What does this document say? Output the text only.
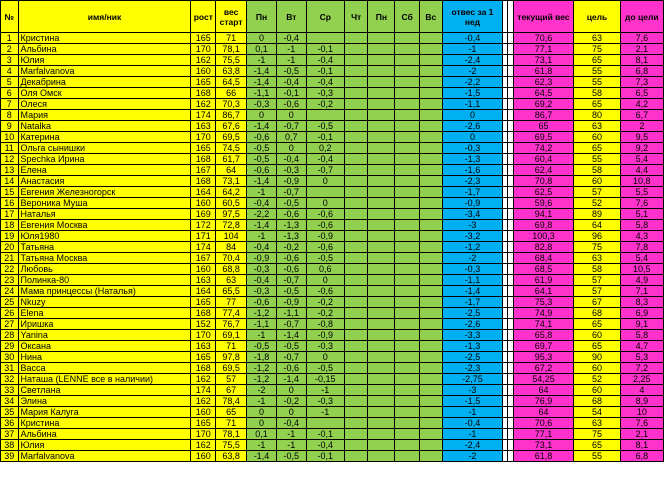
№	имя/ник	рост	вес старт	Пн	Вт	Ср	Чт	Пн	Сб	Вс	отвес за 1 нед			текущий вес	цель	до цели
1	Кристина	165	71	0	-0,4						-0,4			70,6	63	7,6
2	Альбина	170	78,1	0,1	-1	-0,1					-1			77,1	75	2,1
3	Юлия	162	75,5	-1	-1	-0,4					-2,4			73,1	65	8,1
4	Marfalvanova	160	63,8	-1,4	-0,5	-0,1					-2			61,8	55	6,8
5	Декабрина	165	64,5	-1,4	-0,4	-0,4					-2,2			62,3	55	7,3
6	Оля Омск	168	66	-1,1	-0,1	-0,3					-1,5			64,5	58	6,5
7	Олеся	162	70,3	-0,3	-0,6	-0,2					-1,1			69,2	65	4,2
8	Мария	174	86,7	0	0						0			86,7	80	6,7
9	Natalka	163	67,6	-1,4	-0,7	-0,5					-2,6			65	63	2
10	Катерина	170	69,5	-0,6	0,7	-0,1					0			69,5	60	9,5
11	Ольга сынишки	165	74,5	-0,5	0	0,2					-0,3			74,2	65	9,2
12	Spechka Ирина	168	61,7	-0,5	-0,4	-0,4					-1,3			60,4	55	5,4
13	Елена	167	64	-0,6	-0,3	-0,7					-1,6			62,4	58	4,4
14	Анастасия	168	73,1	-1,4	-0,9	0					-2,3			70,8	60	10,8
15	Евгения Железногорск	164	64,2	-1	-0,7						-1,7			62,5	57	5,5
16	Вероника Муша	160	60,5	-0,4	-0,5	0					-0,9			59,6	52	7,6
17	Наталья	169	97,5	-2,2	-0,6	-0,6					-3,4			94,1	89	5,1
18	Евгения Москва	172	72,8	-1,4	-1,3	-0,6					-3			69,8	64	5,8
19	Юля1980	171	104	-1	-1,3	-0,9					-3,2			100,3	96	4,3
20	Татьяна	174	84	-0,4	-0,2	-0,6					-1,2			82,8	75	7,8
21	Татьяна Москва	167	70,4	-0,9	-0,6	-0,5					-2			68,4	63	5,4
22	Любовь	160	68,8	-0,3	-0,6	0,6					-0,3			68,5	58	10,5
23	Полинка-80	163	63	-0,4	-0,7	0					-1,1			61,9	57	4,9
24	Мама принцессы (Наталья)	164	65,5	-0,3	-0,5	-0,6					-1,4			64,1	57	7,1
25	Nkuzy	165	77	-0,6	-0,9	-0,2					-1,7			75,3	67	8,3
26	Elena	168	77,4	-1,2	-1,1	-0,2					-2,5			74,9	68	6,9
27	Иришка	152	76,7	-1,1	-0,7	-0,8					-2,6			74,1	65	9,1
28	Yanina	170	69,1	-1	-1,4	-0,9					-3,3			65,8	60	5,8
29	Оксана	163	71	-0,5	-0,5	-0,3					-1,3			69,7	65	4,7
30	Нина	165	97,8	-1,8	-0,7	0					-2,5			95,3	90	5,3
31	Васса	168	69,5	-1,2	-0,6	-0,5					-2,3			67,2	60	7,2
32	Наташа (LENNE все в наличии)	162	57	-1,2	-1,4	-0,15					-2,75			54,25	52	2,25
33	Светлана	174	67	-2	0	-1					-3			64	60	4
34	Элина	162	78,4	-1	-0,2	-0,3					-1,5			76,9	68	8,9
35	Мария Калуга	160	65	0	0	-1					-1			64	54	10
36	Кристина	165	71	0	-0,4						-0,4			70,6	63	7,6
37	Альбина	170	78,1	0,1	-1	-0,1					-1			77,1	75	2,1
38	Юлия	162	75,5	-1	-1	-0,4					-2,4			73,1	65	8,1
39	Marfalvanova	160	63,8	-1,4	-0,5	-0,1					-2			61,8	55	6,8
